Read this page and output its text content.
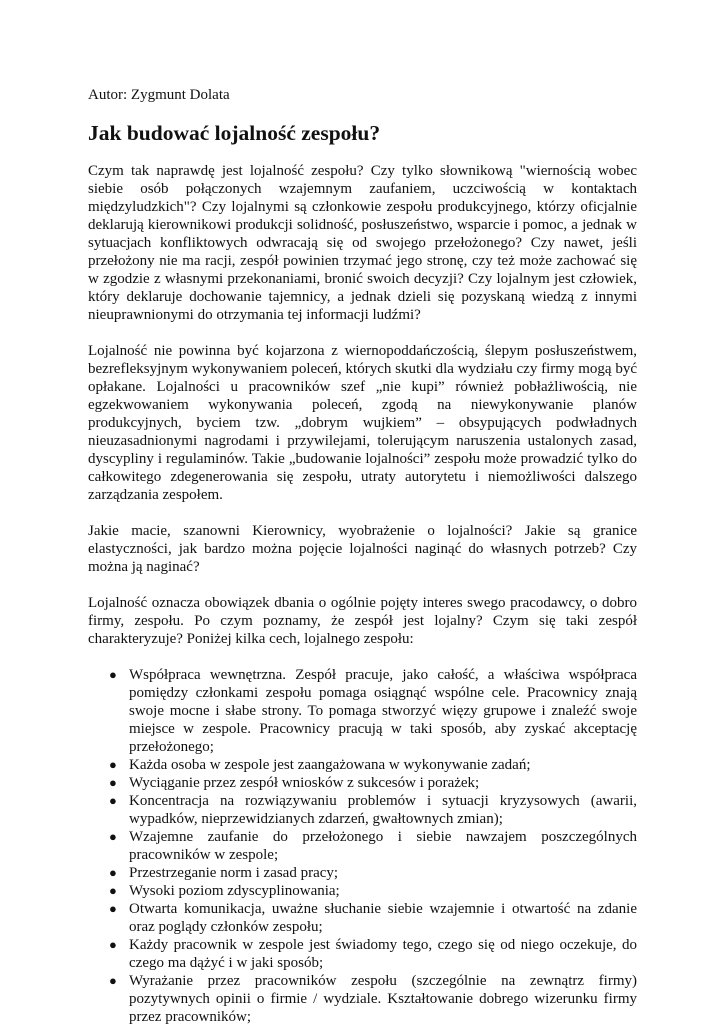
Autor: Zygmunt Dolata
Jak budować lojalność zespołu?

Czym tak naprawdę jest lojalność zespołu? Czy tylko słownikową "wiernością wobec siebie osób połączonych wzajemnym zaufaniem, uczciwością w kontaktach międzyludzkich"? Czy lojalnymi są członkowie zespołu produkcyjnego, którzy oficjalnie deklarują kierownikowi produkcji solidność, posłuszeństwo, wsparcie i pomoc, a jednak w sytuacjach konfliktowych odwracają się od swojego przełożonego? Czy nawet, jeśli przełożony nie ma racji, zespół powinien trzymać jego stronę, czy też może zachować się w zgodzie z własnymi przekonaniami, bronić swoich decyzji? Czy lojalnym jest człowiek, który deklaruje dochowanie tajemnicy, a jednak dzieli się pozyskaną wiedzą z innymi nieuprawnionymi do otrzymania tej informacji ludźmi?

Lojalność nie powinna być kojarzona z wiernopoddańczością, ślepym posłuszeństwem, bezrefleksyjnym wykonywaniem poleceń, których skutki dla wydziału czy firmy mogą być opłakane. Lojalności u pracowników szef „nie kupi” również pobłażliwością, nie egzekwowaniem wykonywania poleceń, zgodą na niewykonywanie planów produkcyjnych, byciem tzw. „dobrym wujkiem” – obsypujących podwładnych nieuzasadnionymi nagrodami i przywilejami, tolerującym naruszenia ustalonych zasad, dyscypliny i regulaminów. Takie „budowanie lojalności” zespołu może prowadzić tylko do całkowitego zdegenerowania się zespołu, utraty autorytetu i niemożliwości dalszego zarządzania zespołem.

Jakie macie, szanowni Kierownicy, wyobrażenie o lojalności? Jakie są granice elastyczności, jak bardzo można pojęcie lojalności naginąć do własnych potrzeb? Czy można ją naginać?

Lojalność oznacza obowiązek dbania o ogólnie pojęty interes swego pracodawcy, o dobro firmy, zespołu. Po czym poznamy, że zespół jest lojalny? Czym się taki zespół charakteryzuje? Poniżej kilka cech, lojalnego zespołu:

● Współpraca wewnętrzna. Zespół pracuje, jako całość, a właściwa współpraca pomiędzy członkami zespołu pomaga osiągnąć wspólne cele. Pracownicy znają swoje mocne i słabe strony. To pomaga stworzyć więzy grupowe i znaleźć swoje miejsce w zespole. Pracownicy pracują w taki sposób, aby zyskać akceptację przełożonego;
● Każda osoba w zespole jest zaangażowana w wykonywanie zadań;
● Wyciąganie przez zespół wniosków z sukcesów i porażek;
● Koncentracja na rozwiązywaniu problemów i sytuacji kryzysowych (awarii, wypadków, nieprzewidzianych zdarzeń, gwałtownych zmian);
● Wzajemne zaufanie do przełożonego i siebie nawzajem poszczególnych pracowników w zespole;
● Przestrzeganie norm i zasad pracy;
● Wysoki poziom zdyscyplinowania;
● Otwarta komunikacja, uważne słuchanie siebie wzajemnie i otwartość na zdanie oraz poglądy członków zespołu;
● Każdy pracownik w zespole jest świadomy tego, czego się od niego oczekuje, do czego ma dążyć i w jaki sposób;
● Wyrażanie przez pracowników zespołu (szczególnie na zewnątrz firmy) pozytywnych opinii o firmie / wydziale. Kształtowanie dobrego wizerunku firmy przez pracowników;
